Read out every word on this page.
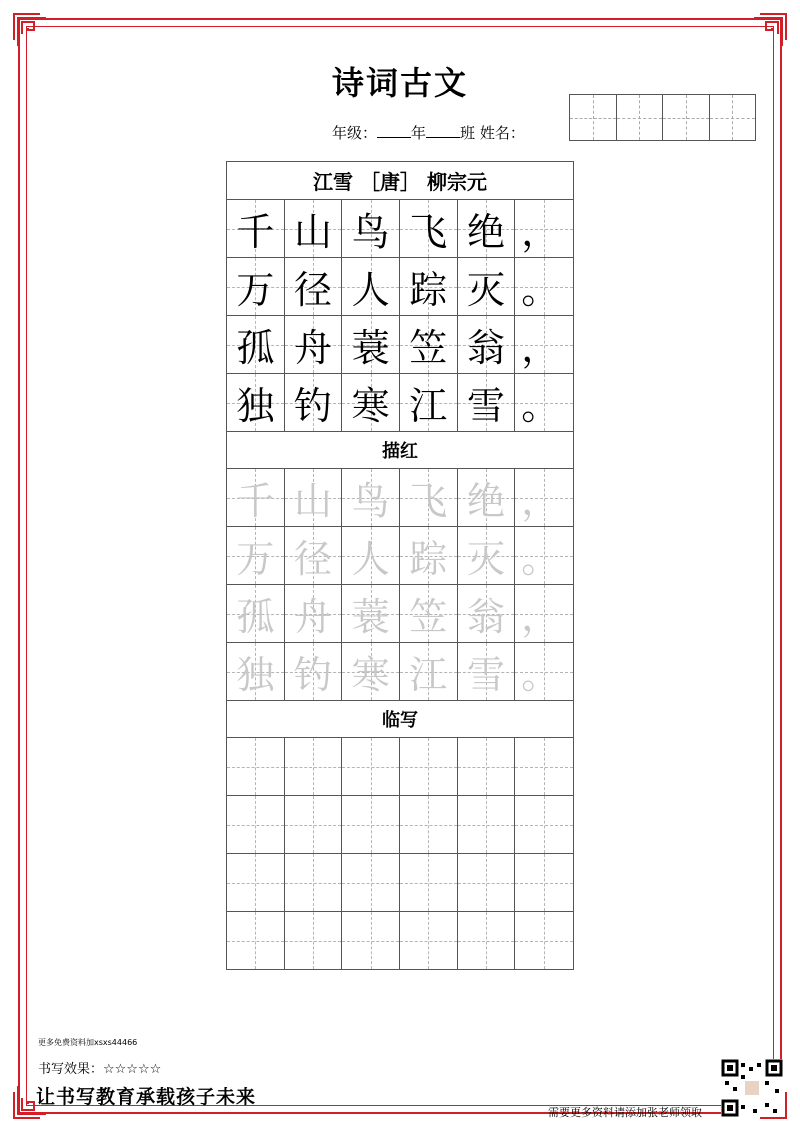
诗词古文
年级： 年 班 姓名：
江雪 ［唐］ 柳宗元
千 山 鸟 飞 绝 ，
万 径 人 踪 灭 。
孤 舟 蓑 笠 翁 ，
独 钓 寒 江 雪 。
描红
千 山 鸟 飞 绝 ，
万 径 人 踪 灭 。
孤 舟 蓑 笠 翁 ，
独 钓 寒 江 雪 。
临写
更多免费资料加xsxs44466
书写效果：☆☆☆☆☆
让书写教育承载孩子未来
需要更多资料请添加张老师领取
